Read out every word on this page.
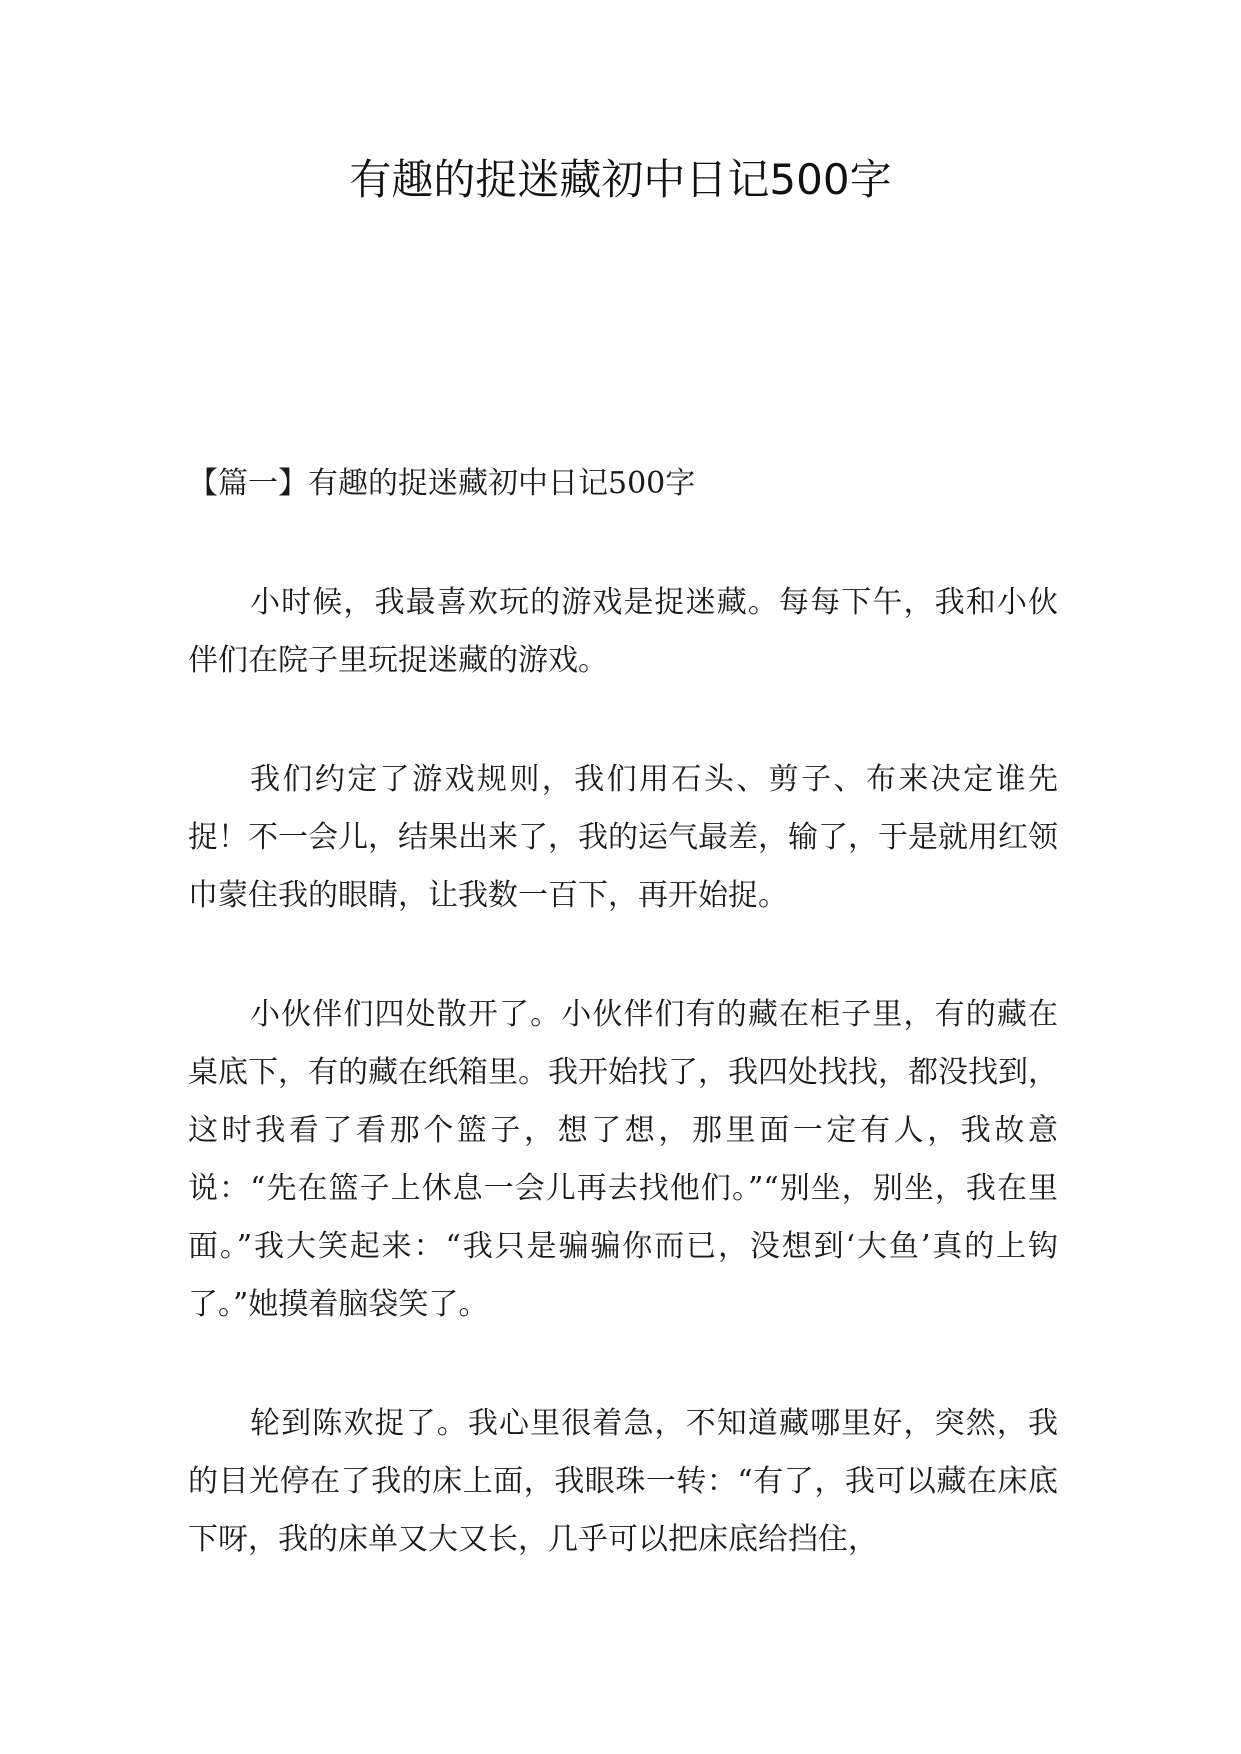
有趣的捉迷藏初中日记500字
【篇一】有趣的捉迷藏初中日记500字

小时候，我最喜欢玩的游戏是捉迷藏。每每下午，我和小伙伴们在院子里玩捉迷藏的游戏。

我们约定了游戏规则，我们用石头、剪子、布来决定谁先捉！不一会儿，结果出来了，我的运气最差，输了，于是就用红领巾蒙住我的眼睛，让我数一百下，再开始捉。

小伙伴们四处散开了。小伙伴们有的藏在柜子里，有的藏在桌底下，有的藏在纸箱里。我开始找了，我四处找找，都没找到，这时我看了看那个篮子，想了想，那里面一定有人，我故意说：“先在篮子上休息一会儿再去找他们。”“别坐，别坐，我在里面。”我大笑起来：“我只是骗骗你而已，没想到‘大鱼’真的上钩了。”她摸着脑袋笑了。

轮到陈欢捉了。我心里很着急，不知道藏哪里好，突然，我的目光停在了我的床上面，我眼珠一转：“有了，我可以藏在床底下呀，我的床单又大又长，几乎可以把床底给挡住，
